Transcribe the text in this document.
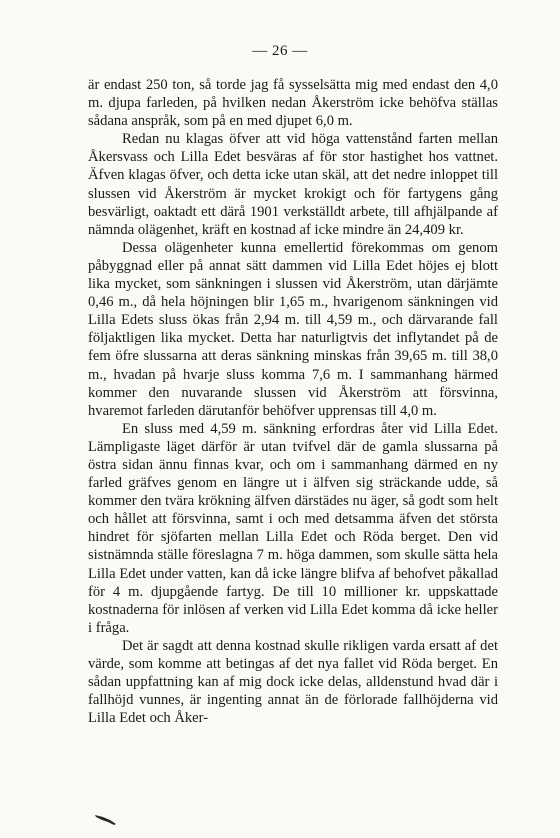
— 26 —

är endast 250 ton, så torde jag få sysselsätta mig med endast den 4,0 m. djupa farleden, på hvilken nedan Åkerström icke behöfva ställas sådana anspråk, som på en med djupet 6,0 m.

Redan nu klagas öfver att vid höga vattenstånd farten mellan Åkersvass och Lilla Edet besväras af för stor hastighet hos vattnet. Äfven klagas öfver, och detta icke utan skäl, att det nedre inloppet till slussen vid Åkerström är mycket krokigt och för fartygens gång besvärligt, oaktadt ett därå 1901 verkställdt arbete, till afhjälpande af nämnda olägenhet, kräft en kostnad af icke mindre än 24,409 kr.

Dessa olägenheter kunna emellertid förekommas om genom påbyggnad eller på annat sätt dammen vid Lilla Edet höjes ej blott lika mycket, som sänkningen i slussen vid Åkerström, utan därjämte 0,46 m., då hela höjningen blir 1,65 m., hvarigenom sänkningen vid Lilla Edets sluss ökas från 2,94 m. till 4,59 m., och därvarande fall följaktligen lika mycket. Detta har naturligtvis det inflytandet på de fem öfre slussarna att deras sänkning minskas från 39,65 m. till 38,0 m., hvadan på hvarje sluss komma 7,6 m. I sammanhang härmed kommer den nuvarande slussen vid Åkerström att försvinna, hvaremot farleden därutanför behöfver upprensas till 4,0 m.

En sluss med 4,59 m. sänkning erfordras åter vid Lilla Edet. Lämpligaste läget därför är utan tvifvel där de gamla slussarna på östra sidan ännu finnas kvar, och om i sammanhang därmed en ny farled gräfves genom en längre ut i älfven sig sträckande udde, så kommer den tvära krökning älfven därstädes nu äger, så godt som helt och hållet att försvinna, samt i och med detsamma äfven det största hindret för sjöfarten mellan Lilla Edet och Röda berget. Den vid sistnämnda ställe föreslagna 7 m. höga dammen, som skulle sätta hela Lilla Edet under vatten, kan då icke längre blifva af behofvet påkallad för 4 m. djupgående fartyg. De till 10 millioner kr. uppskattade kostnaderna för inlösen af verken vid Lilla Edet komma då icke heller i fråga.

Det är sagdt att denna kostnad skulle rikligen varda ersatt af det värde, som komme att betingas af det nya fallet vid Röda berget. En sådan uppfattning kan af mig dock icke delas, alldenstund hvad där i fallhöjd vunnes, är ingenting annat än de förlorade fallhöjderna vid Lilla Edet och Åker-
